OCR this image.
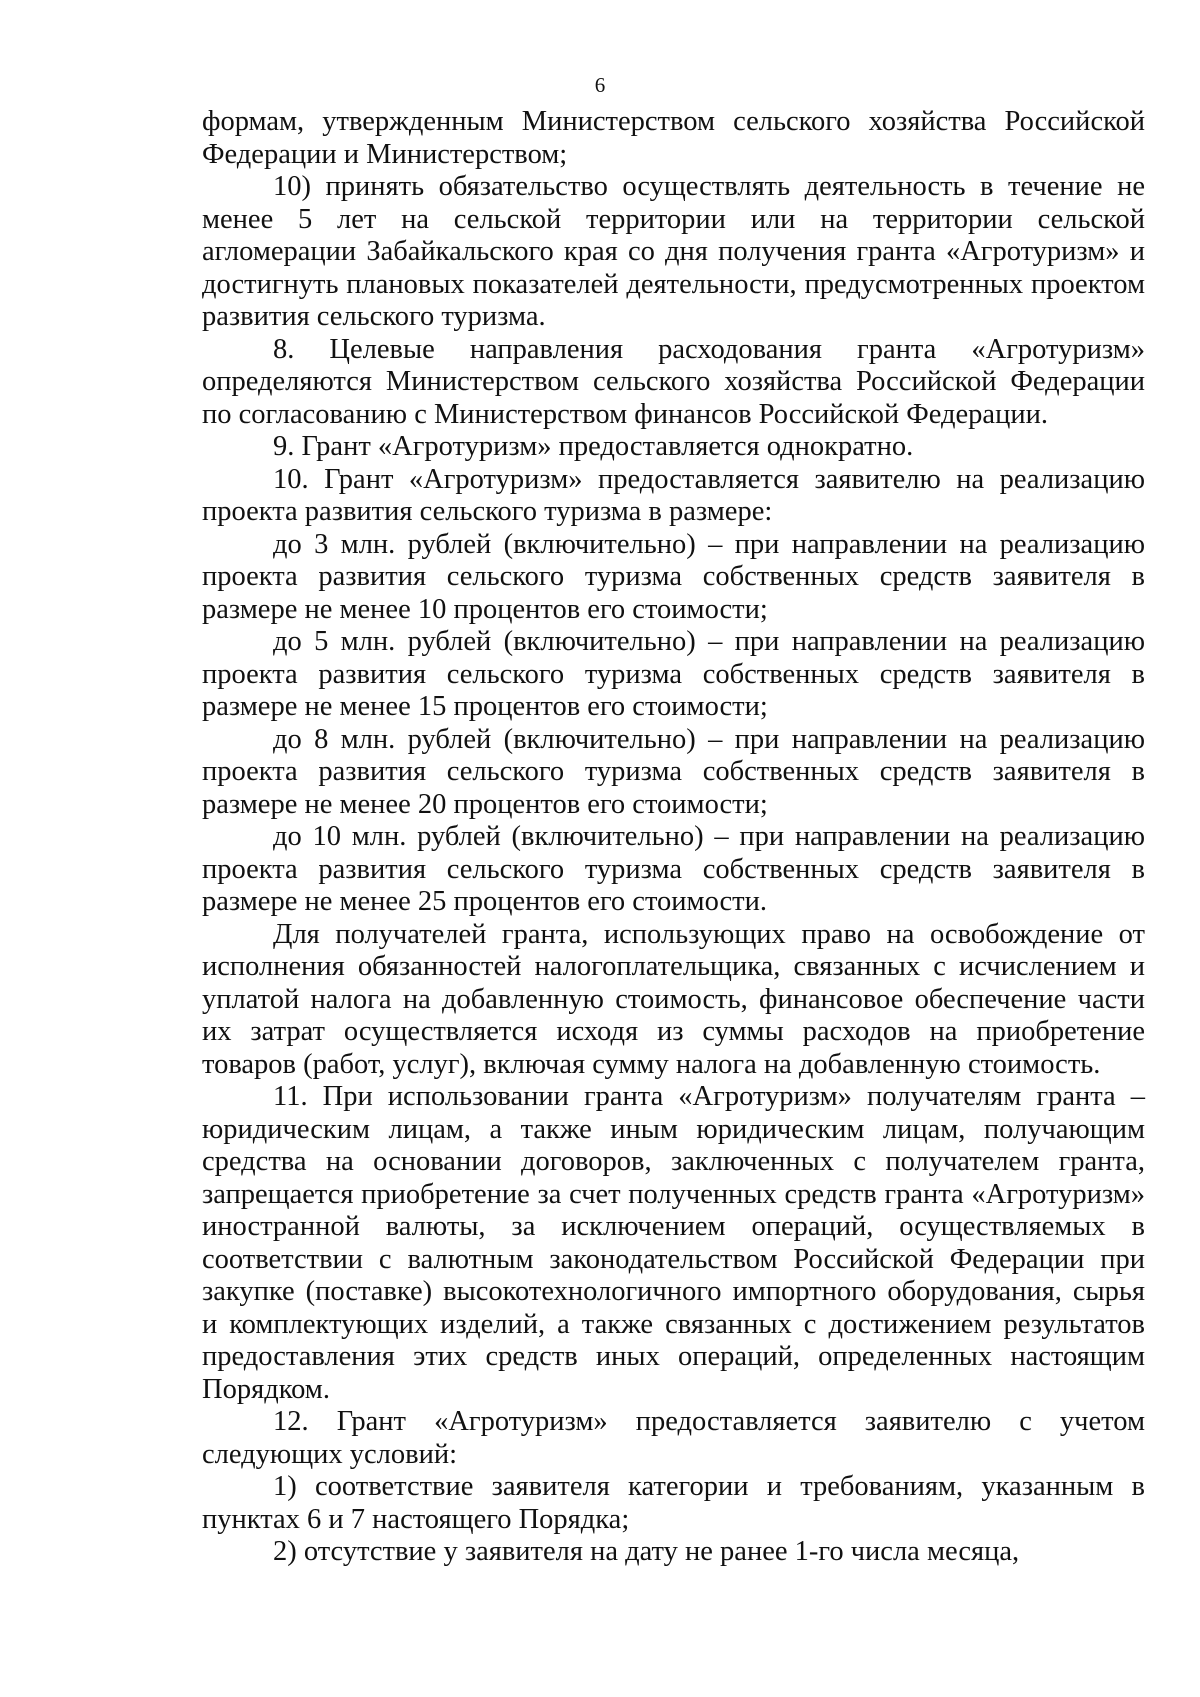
6

формам, утвержденным Министерством сельского хозяйства Российской Федерации и Министерством;

10) принять обязательство осуществлять деятельность в течение не менее 5 лет на сельской территории или на территории сельской агломерации Забайкальского края со дня получения гранта «Агротуризм» и достигнуть плановых показателей деятельности, предусмотренных проектом развития сельского туризма.

8. Целевые направления расходования гранта «Агротуризм» определяются Министерством сельского хозяйства Российской Федерации по согласованию с Министерством финансов Российской Федерации.

9. Грант «Агротуризм» предоставляется однократно.

10. Грант «Агротуризм» предоставляется заявителю на реализацию проекта развития сельского туризма в размере:

до 3 млн. рублей (включительно) – при направлении на реализацию проекта развития сельского туризма собственных средств заявителя в размере не менее 10 процентов его стоимости;

до 5 млн. рублей (включительно) – при направлении на реализацию проекта развития сельского туризма собственных средств заявителя в размере не менее 15 процентов его стоимости;

до 8 млн. рублей (включительно) – при направлении на реализацию проекта развития сельского туризма собственных средств заявителя в размере не менее 20 процентов его стоимости;

до 10 млн. рублей (включительно) – при направлении на реализацию проекта развития сельского туризма собственных средств заявителя в размере не менее 25 процентов его стоимости.

Для получателей гранта, использующих право на освобождение от исполнения обязанностей налогоплательщика, связанных с исчислением и уплатой налога на добавленную стоимость, финансовое обеспечение части их затрат осуществляется исходя из суммы расходов на приобретение товаров (работ, услуг), включая сумму налога на добавленную стоимость.

11. При использовании гранта «Агротуризм» получателям гранта – юридическим лицам, а также иным юридическим лицам, получающим средства на основании договоров, заключенных с получателем гранта, запрещается приобретение за счет полученных средств гранта «Агротуризм» иностранной валюты, за исключением операций, осуществляемых в соответствии с валютным законодательством Российской Федерации при закупке (поставке) высокотехнологичного импортного оборудования, сырья и комплектующих изделий, а также связанных с достижением результатов предоставления этих средств иных операций, определенных настоящим Порядком.

12. Грант «Агротуризм» предоставляется заявителю с учетом следующих условий:

1) соответствие заявителя категории и требованиям, указанным в пунктах 6 и 7 настоящего Порядка;

2) отсутствие у заявителя на дату не ранее 1-го числа месяца,
